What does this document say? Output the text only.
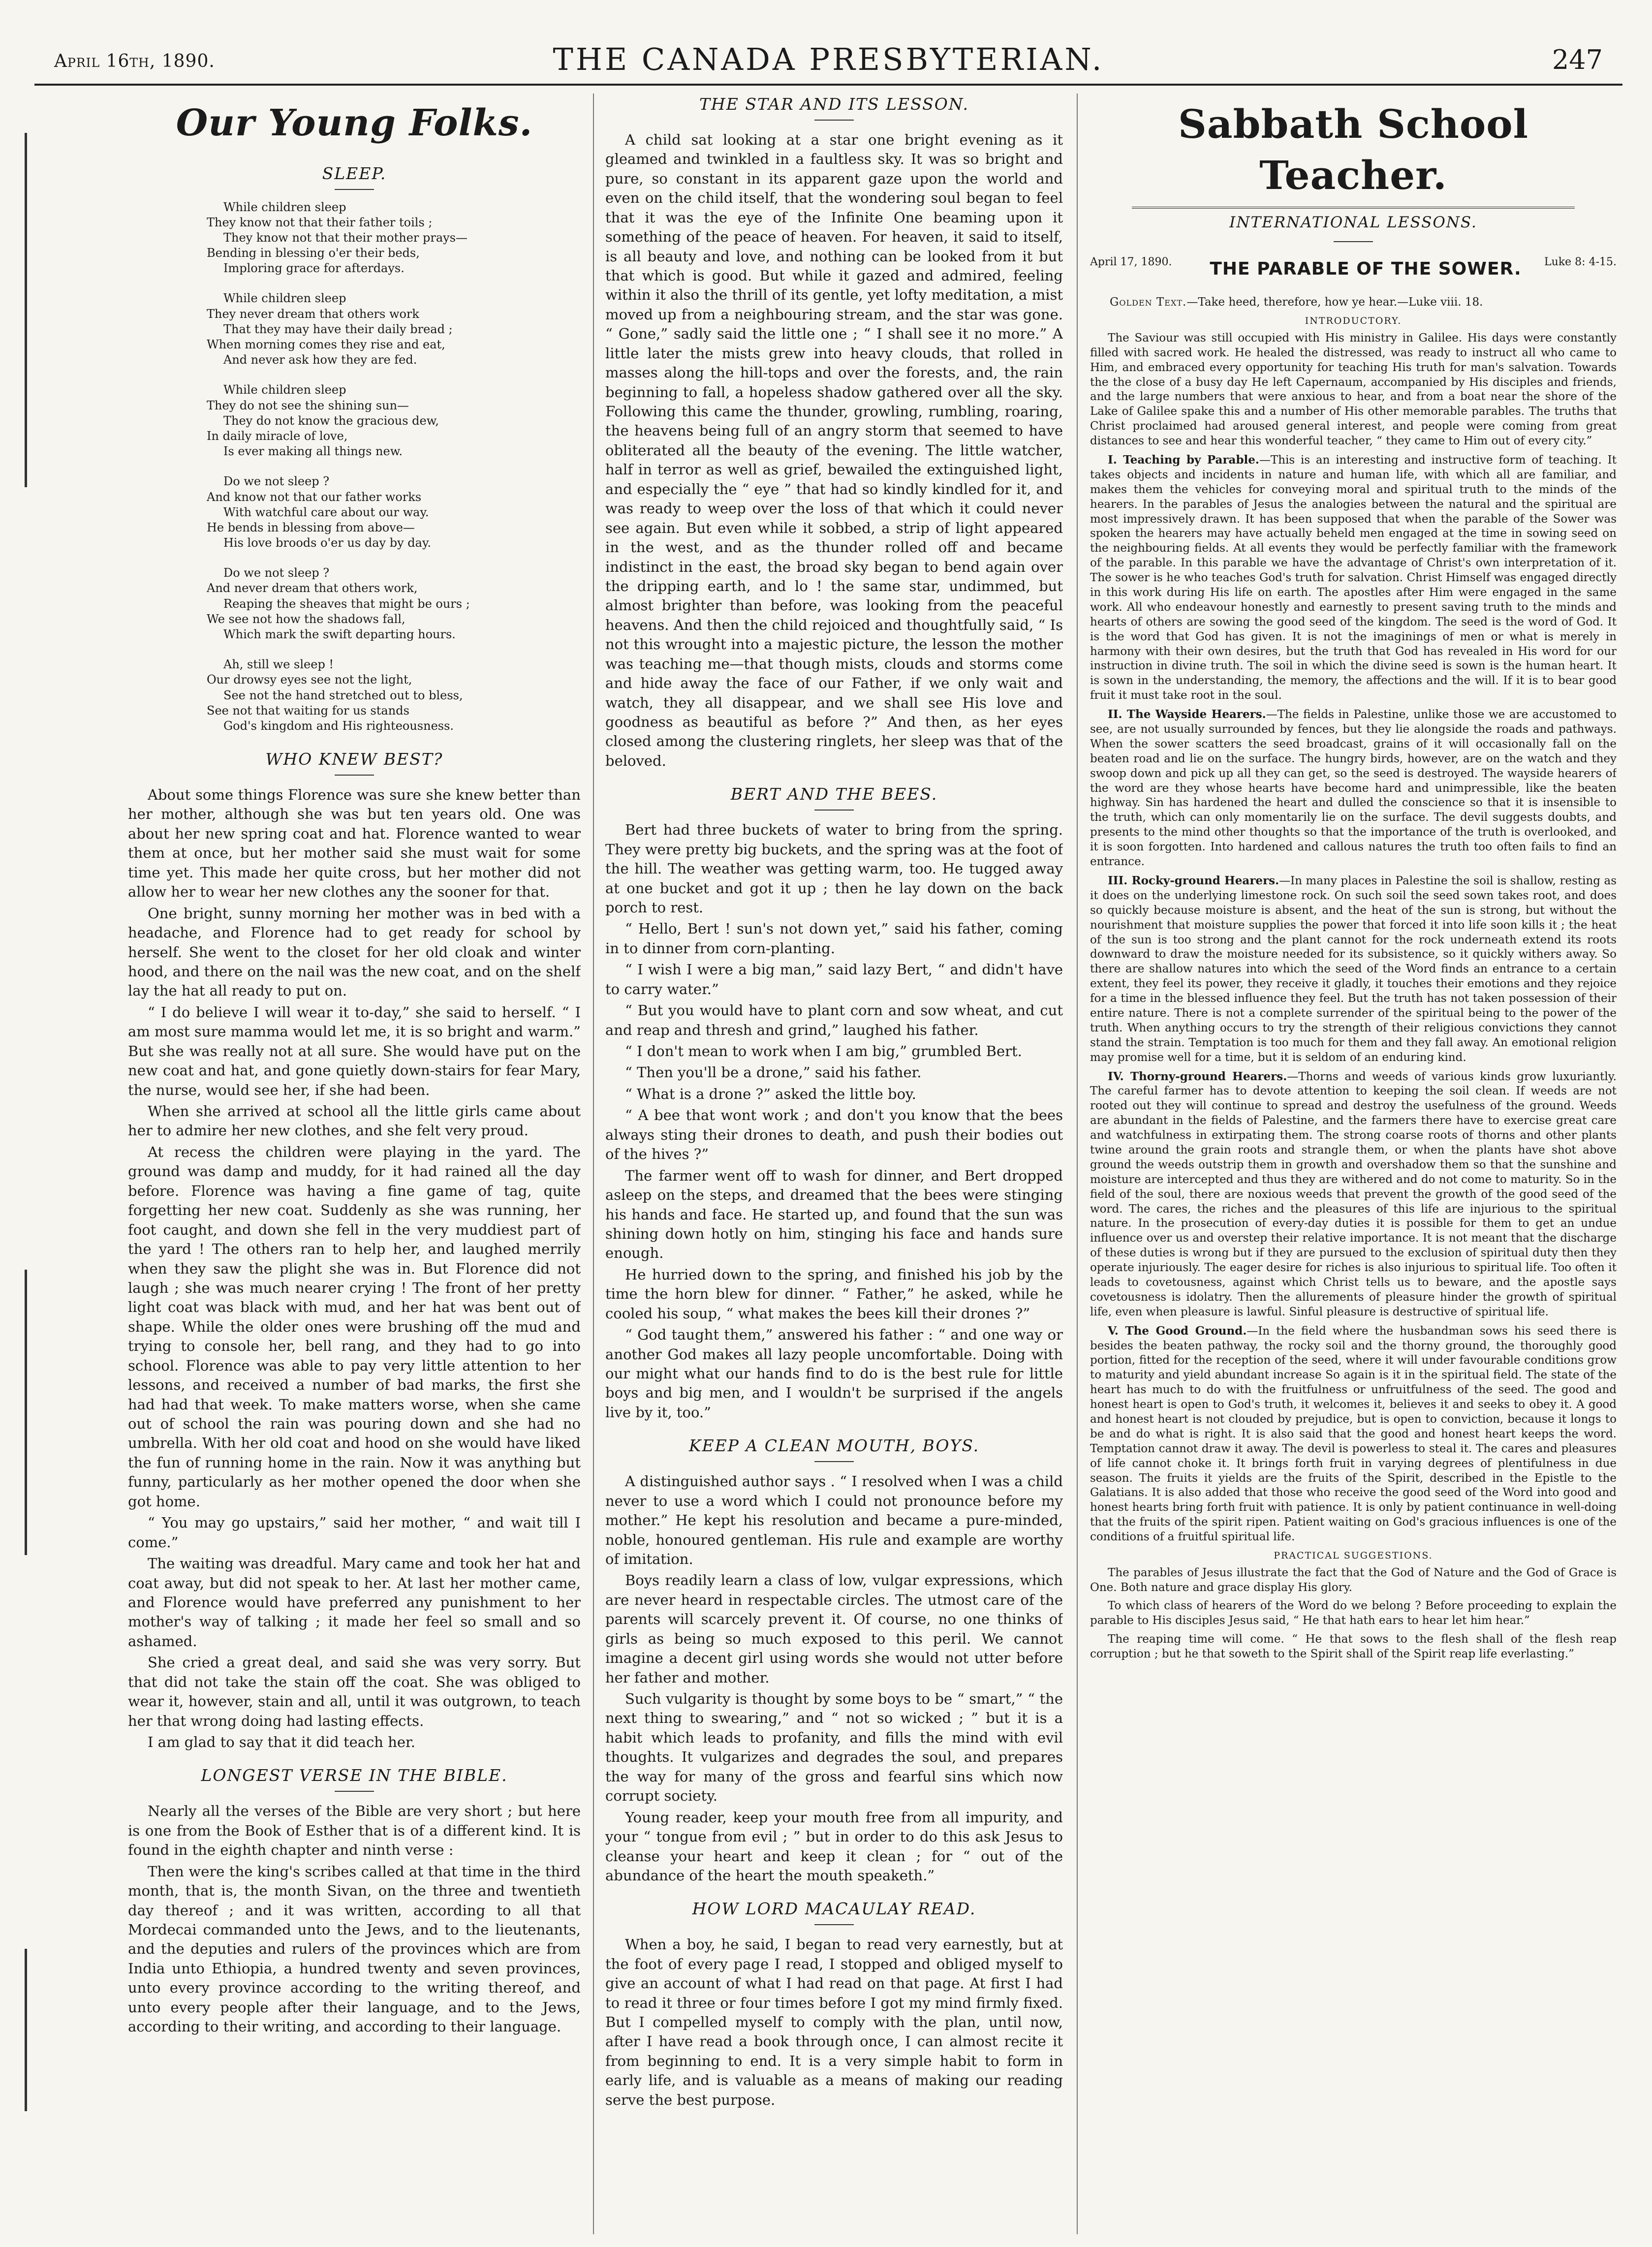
April 16th, 1890.	THE CANADA PRESBYTERIAN.	247
Our Young Folks.
SLEEP.
While children sleep
They know not that their father toils ;
They know not that their mother prays—
Bending in blessing o'er their beds,
Imploring grace for afterdays.
While children sleep
They never dream that others work
That they may have their daily bread ;
When morning comes they rise and eat,
And never ask how they are fed.
While children sleep
They do not see the shining sun—
They do not know the gracious dew,
In daily miracle of love,
Is ever making all things new.
Do we not sleep ?
And know not that our father works
With watchful care about our way.
He bends in blessing from above—
His love broods o'er us day by day.
Do we not sleep ?
And never dream that others work,
Reaping the sheaves that might be ours ;
We see not how the shadows fall,
Which mark the swift departing hours.
Ah, still we sleep !
Our drowsy eyes see not the light,
See not the hand stretched out to bless,
See not that waiting for us stands
God's kingdom and His righteousness.
WHO KNEW BEST?

About some things Florence was sure she knew better than her mother, although she was but ten years old. One was about her new spring coat and hat. Florence wanted to wear them at once, but her mother said she must wait for some time yet. This made her quite cross, but her mother did not allow her to wear her new clothes any the sooner for that.

One bright, sunny morning her mother was in bed with a headache, and Florence had to get ready for school by herself. She went to the closet for her old cloak and winter hood, and there on the nail was the new coat, and on the shelf lay the hat all ready to put on.

“ I do believe I will wear it to-day,” she said to herself. “ I am most sure mamma would let me, it is so bright and warm.” But she was really not at all sure. She would have put on the new coat and hat, and gone quietly down-stairs for fear Mary, the nurse, would see her, if she had been.

When she arrived at school all the little girls came about her to admire her new clothes, and she felt very proud.

At recess the children were playing in the yard. The ground was damp and muddy, for it had rained all the day before. Florence was having a fine game of tag, quite forgetting her new coat. Suddenly as she was running, her foot caught, and down she fell in the very muddiest part of the yard ! The others ran to help her, and laughed merrily when they saw the plight she was in. But Florence did not laugh ; she was much nearer crying ! The front of her pretty light coat was black with mud, and her hat was bent out of shape. While the older ones were brushing off the mud and trying to console her, bell rang, and they had to go into school. Florence was able to pay very little attention to her lessons, and received a number of bad marks, the first she had had that week. To make matters worse, when she came out of school the rain was pouring down and she had no umbrella. With her old coat and hood on she would have liked the fun of running home in the rain. Now it was anything but funny, particularly as her mother opened the door when she got home.

“ You may go upstairs,” said her mother, “ and wait till I come.”

The waiting was dreadful. Mary came and took her hat and coat away, but did not speak to her. At last her mother came, and Florence would have preferred any punishment to her mother's way of talking ; it made her feel so small and so ashamed.

She cried a great deal, and said she was very sorry. But that did not take the stain off the coat. She was obliged to wear it, however, stain and all, until it was outgrown, to teach her that wrong doing had lasting effects.

I am glad to say that it did teach her.

LONGEST VERSE IN THE BIBLE.

Nearly all the verses of the Bible are very short ; but here is one from the Book of Esther that is of a different kind. It is found in the eighth chapter and ninth verse :

Then were the king's scribes called at that time in the third month, that is, the month Sivan, on the three and twentieth day thereof ; and it was written, according to all that Mordecai commanded unto the Jews, and to the lieutenants, and the deputies and rulers of the provinces which are from India unto Ethiopia, a hundred twenty and seven provinces, unto every province according to the writing thereof, and unto every people after their language, and to the Jews, according to their writing, and according to their language.

THE STAR AND ITS LESSON.

A child sat looking at a star one bright evening as it gleamed and twinkled in a faultless sky. It was so bright and pure, so constant in its apparent gaze upon the world and even on the child itself, that the wondering soul began to feel that it was the eye of the Infinite One beaming upon it something of the peace of heaven. For heaven, it said to itself, is all beauty and love, and nothing can be looked from it but that which is good. But while it gazed and admired, feeling within it also the thrill of its gentle, yet lofty meditation, a mist moved up from a neighbouring stream, and the star was gone. “ Gone,” sadly said the little one ; “ I shall see it no more.” A little later the mists grew into heavy clouds, that rolled in masses along the hill-tops and over the forests, and, the rain beginning to fall, a hopeless shadow gathered over all the sky. Following this came the thunder, growling, rumbling, roaring, the heavens being full of an angry storm that seemed to have obliterated all the beauty of the evening. The little watcher, half in terror as well as grief, bewailed the extinguished light, and especially the “ eye ” that had so kindly kindled for it, and was ready to weep over the loss of that which it could never see again. But even while it sobbed, a strip of light appeared in the west, and as the thunder rolled off and became indistinct in the east, the broad sky began to bend again over the dripping earth, and lo ! the same star, undimmed, but almost brighter than before, was looking from the peaceful heavens. And then the child rejoiced and thoughtfully said, “ Is not this wrought into a majestic picture, the lesson the mother was teaching me—that though mists, clouds and storms come and hide away the face of our Father, if we only wait and watch, they all disappear, and we shall see His love and goodness as beautiful as before ?” And then, as her eyes closed among the clustering ringlets, her sleep was that of the beloved.

BERT AND THE BEES.

Bert had three buckets of water to bring from the spring. They were pretty big buckets, and the spring was at the foot of the hill. The weather was getting warm, too. He tugged away at one bucket and got it up ; then he lay down on the back porch to rest.

“ Hello, Bert ! sun's not down yet,” said his father, coming in to dinner from corn-planting.

“ I wish I were a big man,” said lazy Bert, “ and didn't have to carry water.”

“ But you would have to plant corn and sow wheat, and cut and reap and thresh and grind,” laughed his father.

“ I don't mean to work when I am big,” grumbled Bert.

“ Then you'll be a drone,” said his father.

“ What is a drone ?” asked the little boy.

“ A bee that wont work ; and don't you know that the bees always sting their drones to death, and push their bodies out of the hives ?”

The farmer went off to wash for dinner, and Bert dropped asleep on the steps, and dreamed that the bees were stinging his hands and face. He started up, and found that the sun was shining down hotly on him, stinging his face and hands sure enough.

He hurried down to the spring, and finished his job by the time the horn blew for dinner. “ Father,” he asked, while he cooled his soup, “ what makes the bees kill their drones ?”

“ God taught them,” answered his father : “ and one way or another God makes all lazy people uncomfortable. Doing with our might what our hands find to do is the best rule for little boys and big men, and I wouldn't be surprised if the angels live by it, too.”

KEEP A CLEAN MOUTH, BOYS.

A distinguished author says . “ I resolved when I was a child never to use a word which I could not pronounce before my mother.” He kept his resolution and became a pure-minded, noble, honoured gentleman. His rule and example are worthy of imitation.

Boys readily learn a class of low, vulgar expressions, which are never heard in respectable circles. The utmost care of the parents will scarcely prevent it. Of course, no one thinks of girls as being so much exposed to this peril. We cannot imagine a decent girl using words she would not utter before her father and mother.

Such vulgarity is thought by some boys to be “ smart,” “ the next thing to swearing,” and “ not so wicked ; ” but it is a habit which leads to profanity, and fills the mind with evil thoughts. It vulgarizes and degrades the soul, and prepares the way for many of the gross and fearful sins which now corrupt society.

Young reader, keep your mouth free from all impurity, and your “ tongue from evil ; ” but in order to do this ask Jesus to cleanse your heart and keep it clean ; for “ out of the abundance of the heart the mouth speaketh.”

HOW LORD MACAULAY READ.

When a boy, he said, I began to read very earnestly, but at the foot of every page I read, I stopped and obliged myself to give an account of what I had read on that page. At first I had to read it three or four times before I got my mind firmly fixed. But I compelled myself to comply with the plan, until now, after I have read a book through once, I can almost recite it from beginning to end. It is a very simple habit to form in early life, and is valuable as a means of making our reading serve the best purpose.

Sabbath School Teacher.
INTERNATIONAL LESSONS.
April 17, 1890.	THE PARABLE OF THE SOWER.	Luke 8: 4-15.

Golden Text.—Take heed, therefore, how ye hear.—Luke viii. 18.

INTRODUCTORY.

The Saviour was still occupied with His ministry in Galilee. His days were constantly filled with sacred work. He healed the distressed, was ready to instruct all who came to Him, and embraced every opportunity for teaching His truth for man's salvation. Towards the the close of a busy day He left Capernaum, accompanied by His disciples and friends, and the large numbers that were anxious to hear, and from a boat near the shore of the Lake of Galilee spake this and a number of His other memorable parables. The truths that Christ proclaimed had aroused general interest, and people were coming from great distances to see and hear this wonderful teacher, “ they came to Him out of every city.”

I. Teaching by Parable.—This is an interesting and instructive form of teaching. It takes objects and incidents in nature and human life, with which all are familiar, and makes them the vehicles for conveying moral and spiritual truth to the minds of the hearers. In the parables of Jesus the analogies between the natural and the spiritual are most impressively drawn. It has been supposed that when the parable of the Sower was spoken the hearers may have actually beheld men engaged at the time in sowing seed on the neighbouring fields. At all events they would be perfectly familiar with the framework of the parable. In this parable we have the advantage of Christ's own interpretation of it. The sower is he who teaches God's truth for salvation. Christ Himself was engaged directly in this work during His life on earth. The apostles after Him were engaged in the same work. All who endeavour honestly and earnestly to present saving truth to the minds and hearts of others are sowing the good seed of the kingdom. The seed is the word of God. It is the word that God has given. It is not the imaginings of men or what is merely in harmony with their own desires, but the truth that God has revealed in His word for our instruction in divine truth. The soil in which the divine seed is sown is the human heart. It is sown in the understanding, the memory, the affections and the will. If it is to bear good fruit it must take root in the soul.

II. The Wayside Hearers.—The fields in Palestine, unlike those we are accustomed to see, are not usually surrounded by fences, but they lie alongside the roads and pathways. When the sower scatters the seed broadcast, grains of it will occasionally fall on the beaten road and lie on the surface. The hungry birds, however, are on the watch and they swoop down and pick up all they can get, so the seed is destroyed. The wayside hearers of the word are they whose hearts have become hard and unimpressible, like the beaten highway. Sin has hardened the heart and dulled the conscience so that it is insensible to the truth, which can only momentarily lie on the surface. The devil suggests doubts, and presents to the mind other thoughts so that the importance of the truth is overlooked, and it is soon forgotten. Into hardened and callous natures the truth too often fails to find an entrance.

III. Rocky-ground Hearers.—In many places in Palestine the soil is shallow, resting as it does on the underlying limestone rock. On such soil the seed sown takes root, and does so quickly because moisture is absent, and the heat of the sun is strong, but without the nourishment that moisture supplies the power that forced it into life soon kills it ; the heat of the sun is too strong and the plant cannot for the rock underneath extend its roots downward to draw the moisture needed for its subsistence, so it quickly withers away. So there are shallow natures into which the seed of the Word finds an entrance to a certain extent, they feel its power, they receive it gladly, it touches their emotions and they rejoice for a time in the blessed influence they feel. But the truth has not taken possession of their entire nature. There is not a complete surrender of the spiritual being to the power of the truth. When anything occurs to try the strength of their religious convictions they cannot stand the strain. Temptation is too much for them and they fall away. An emotional religion may promise well for a time, but it is seldom of an enduring kind.

IV. Thorny-ground Hearers.—Thorns and weeds of various kinds grow luxuriantly. The careful farmer has to devote attention to keeping the soil clean. If weeds are not rooted out they will continue to spread and destroy the usefulness of the ground. Weeds are abundant in the fields of Palestine, and the farmers there have to exercise great care and watchfulness in extirpating them. The strong coarse roots of thorns and other plants twine around the grain roots and strangle them, or when the plants have shot above ground the weeds outstrip them in growth and overshadow them so that the sunshine and moisture are intercepted and thus they are withered and do not come to maturity. So in the field of the soul, there are noxious weeds that prevent the growth of the good seed of the word. The cares, the riches and the pleasures of this life are injurious to the spiritual nature. In the prosecution of every-day duties it is possible for them to get an undue influence over us and overstep their relative importance. It is not meant that the discharge of these duties is wrong but if they are pursued to the exclusion of spiritual duty then they operate injuriously. The eager desire for riches is also injurious to spiritual life. Too often it leads to covetousness, against which Christ tells us to beware, and the apostle says covetousness is idolatry. Then the allurements of pleasure hinder the growth of spiritual life, even when pleasure is lawful. Sinful pleasure is destructive of spiritual life.

V. The Good Ground.—In the field where the husbandman sows his seed there is besides the beaten pathway, the rocky soil and the thorny ground, the thoroughly good portion, fitted for the reception of the seed, where it will under favourable conditions grow to maturity and yield abundant increase So again is it in the spiritual field. The state of the heart has much to do with the fruitfulness or unfruitfulness of the seed. The good and honest heart is open to God's truth, it welcomes it, believes it and seeks to obey it. A good and honest heart is not clouded by prejudice, but is open to conviction, because it longs to be and do what is right. It is also said that the good and honest heart keeps the word. Temptation cannot draw it away. The devil is powerless to steal it. The cares and pleasures of life cannot choke it. It brings forth fruit in varying degrees of plentifulness in due season. The fruits it yields are the fruits of the Spirit, described in the Epistle to the Galatians. It is also added that those who receive the good seed of the Word into good and honest hearts bring forth fruit with patience. It is only by patient continuance in well-doing that the fruits of the spirit ripen. Patient waiting on God's gracious influences is one of the conditions of a fruitful spiritual life.

PRACTICAL SUGGESTIONS.

The parables of Jesus illustrate the fact that the God of Nature and the God of Grace is One. Both nature and grace display His glory.

To which class of hearers of the Word do we belong ? Before proceeding to explain the parable to His disciples Jesus said, “ He that hath ears to hear let him hear.”

The reaping time will come. “ He that sows to the flesh shall of the flesh reap corruption ; but he that soweth to the Spirit shall of the Spirit reap life everlasting.”
